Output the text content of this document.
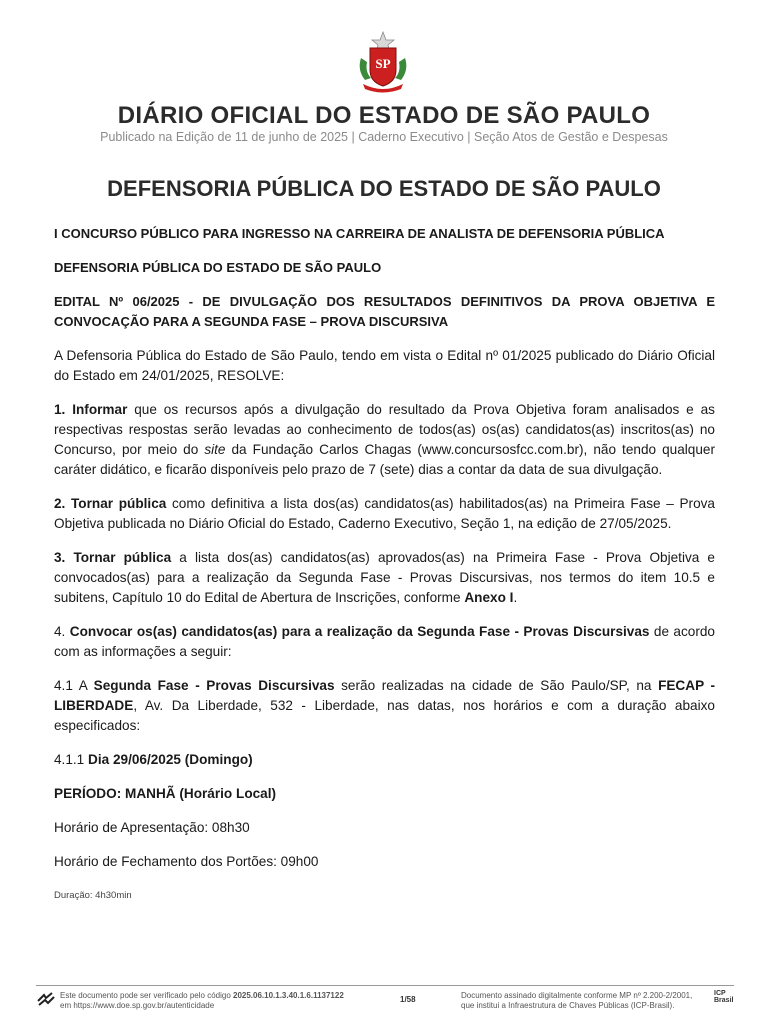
SP
DIÁRIO OFICIAL DO ESTADO DE SÃO PAULO
Publicado na Edição de 11 de junho de 2025 | Caderno Executivo | Seção Atos de Gestão e Despesas
DEFENSORIA PÚBLICA DO ESTADO DE SÃO PAULO

I CONCURSO PÚBLICO PARA INGRESSO NA CARREIRA DE ANALISTA DE DEFENSORIA PÚBLICA

DEFENSORIA PÚBLICA DO ESTADO DE SÃO PAULO

EDITAL Nº 06/2025 - DE DIVULGAÇÃO DOS RESULTADOS DEFINITIVOS DA PROVA OBJETIVA E CONVOCAÇÃO PARA A SEGUNDA FASE – PROVA DISCURSIVA

A Defensoria Pública do Estado de São Paulo, tendo em vista o Edital nº 01/2025 publicado do Diário Oficial do Estado em 24/01/2025, RESOLVE:

1. Informar que os recursos após a divulgação do resultado da Prova Objetiva foram analisados e as respectivas respostas serão levadas ao conhecimento de todos(as) os(as) candidatos(as) inscritos(as) no Concurso, por meio do site da Fundação Carlos Chagas (www.concursosfcc.com.br), não tendo qualquer caráter didático, e ficarão disponíveis pelo prazo de 7 (sete) dias a contar da data de sua divulgação.

2. Tornar pública como definitiva a lista dos(as) candidatos(as) habilitados(as) na Primeira Fase – Prova Objetiva publicada no Diário Oficial do Estado, Caderno Executivo, Seção 1, na edição de 27/05/2025.

3. Tornar pública a lista dos(as) candidatos(as) aprovados(as) na Primeira Fase - Prova Objetiva e convocados(as) para a realização da Segunda Fase - Provas Discursivas, nos termos do item 10.5 e subitens, Capítulo 10 do Edital de Abertura de Inscrições, conforme Anexo I.

4. Convocar os(as) candidatos(as) para a realização da Segunda Fase - Provas Discursivas de acordo com as informações a seguir:

4.1 A Segunda Fase - Provas Discursivas serão realizadas na cidade de São Paulo/SP, na FECAP - LIBERDADE, Av. Da Liberdade, 532 - Liberdade, nas datas, nos horários e com a duração abaixo especificados:

4.1.1 Dia 29/06/2025 (Domingo)

PERÍODO: MANHÃ (Horário Local)

Horário de Apresentação: 08h30

Horário de Fechamento dos Portões: 09h00

Duração: 4h30min

Este documento pode ser verificado pelo código 2025.06.10.1.3.40.1.6.1137122
em https://www.doe.sp.gov.br/autenticidade
1/58	Documento assinado digitalmente conforme MP nº 2.200-2/2001,
que institui a Infraestrutura de Chaves Públicas (ICP-Brasil).
ICP
Brasil
